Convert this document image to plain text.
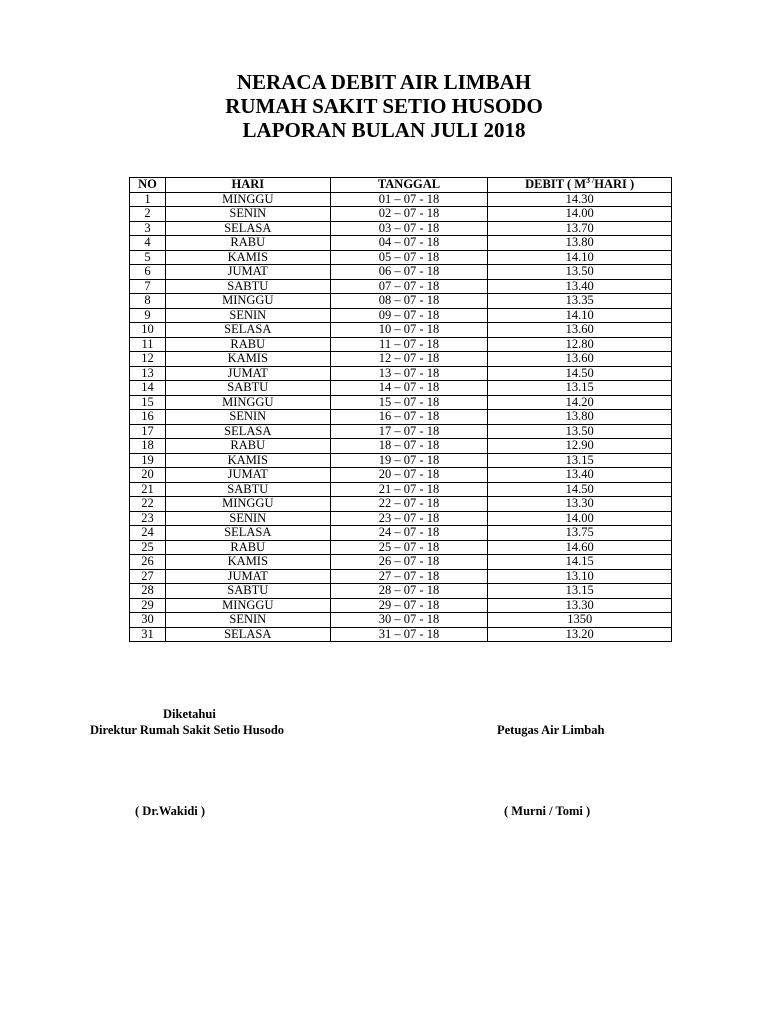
NERACA DEBIT AIR LIMBAH
RUMAH SAKIT SETIO HUSODO
LAPORAN BULAN JULI 2018
NO	HARI	TANGGAL	DEBIT ( $M^{3 /}HARI$ )
1	MINGGU	01 – 07 - 18	14.30
2	SENIN	02 – 07 - 18	14.00
3	SELASA	03 – 07 - 18	13.70
4	RABU	04 – 07 - 18	13.80
5	KAMIS	05 – 07 - 18	14.10
6	JUMAT	06 – 07 - 18	13.50
7	SABTU	07 – 07 - 18	13.40
8	MINGGU	08 – 07 - 18	13.35
9	SENIN	09 – 07 - 18	14.10
10	SELASA	10 – 07 - 18	13.60
11	RABU	11 – 07 - 18	12.80
12	KAMIS	12 – 07 - 18	13.60
13	JUMAT	13 – 07 - 18	14.50
14	SABTU	14 – 07 - 18	13.15
15	MINGGU	15 – 07 - 18	14.20
16	SENIN	16 – 07 - 18	13.80
17	SELASA	17 – 07 - 18	13.50
18	RABU	18 – 07 - 18	12.90
19	KAMIS	19 – 07 - 18	13.15
20	JUMAT	20 – 07 - 18	13.40
21	SABTU	21 – 07 - 18	14.50
22	MINGGU	22 – 07 - 18	13.30
23	SENIN	23 – 07 - 18	14.00
24	SELASA	24 – 07 - 18	13.75
25	RABU	25 – 07 - 18	14.60
26	KAMIS	26 – 07 - 18	14.15
27	JUMAT	27 – 07 - 18	13.10
28	SABTU	28 – 07 - 18	13.15
29	MINGGU	29 – 07 - 18	13.30
30	SENIN	30 – 07 - 18	1350
31	SELASA	31 – 07 - 18	13.20
Diketahui
Direktur Rumah Sakit Setio Husodo	Petugas Air Limbah
( Dr.Wakidi )	( Murni / Tomi )
